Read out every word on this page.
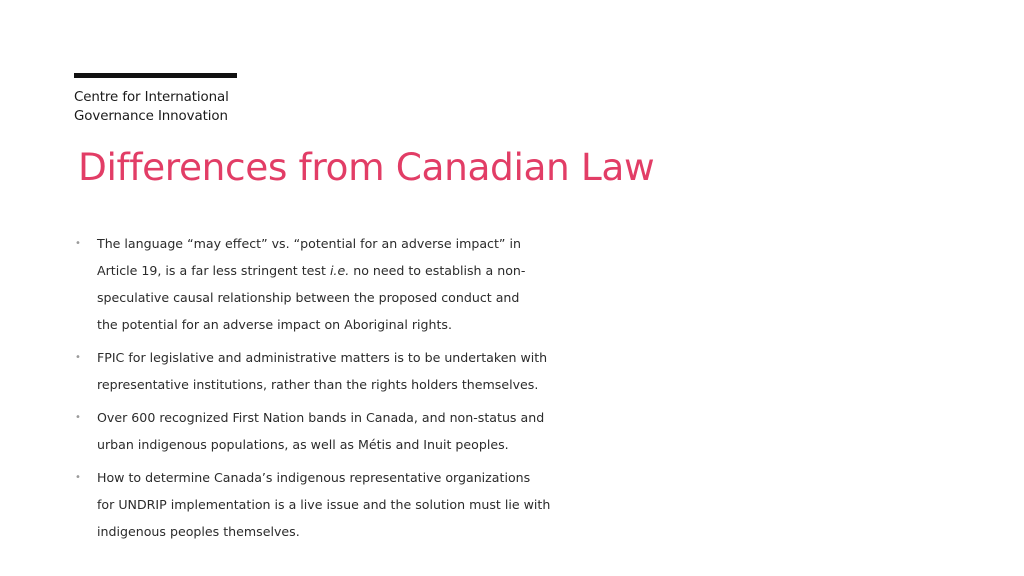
Centre for International
Governance Innovation
Differences from Canadian Law
• The language “may effect” vs. “potential for an adverse impact” in
Article 19, is a far less stringent test i.e. no need to establish a non-
speculative causal relationship between the proposed conduct and
the potential for an adverse impact on Aboriginal rights.
• FPIC for legislative and administrative matters is to be undertaken with
representative institutions, rather than the rights holders themselves.
• Over 600 recognized First Nation bands in Canada, and non-status and
urban indigenous populations, as well as Métis and Inuit peoples.
• How to determine Canada’s indigenous representative organizations
for UNDRIP implementation is a live issue and the solution must lie with
indigenous peoples themselves.
